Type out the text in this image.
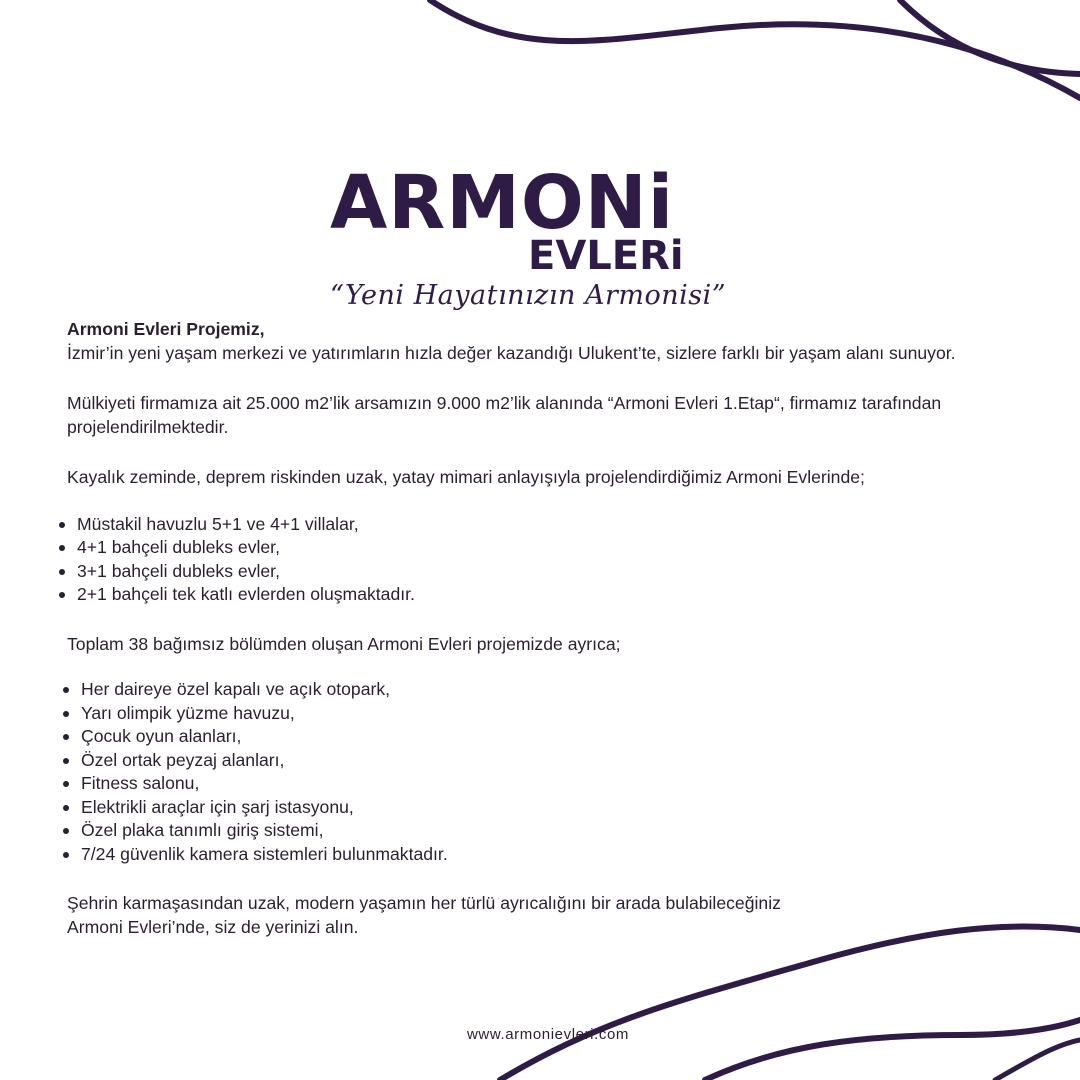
ARMONi
EVLERi
“Yeni Hayatınızın Armonisi”

Armoni Evleri Projemiz,

İzmir’in yeni yaşam merkezi ve yatırımların hızla değer kazandığı Ulukent’te, sizlere farklı bir yaşam alanı sunuyor.

Mülkiyeti firmamıza ait 25.000 m2’lik arsamızın 9.000 m2’lik alanında “Armoni Evleri 1.Etap“, firmamız tarafından projelendirilmektedir.

Kayalık zeminde, deprem riskinden uzak, yatay mimari anlayışıyla projelendirdiğimiz Armoni Evlerinde;

Müstakil havuzlu 5+1 ve 4+1 villalar,
4+1 bahçeli dubleks evler,
3+1 bahçeli dubleks evler,
2+1 bahçeli tek katlı evlerden oluşmaktadır.

Toplam 38 bağımsız bölümden oluşan Armoni Evleri projemizde ayrıca;

Her daireye özel kapalı ve açık otopark,
Yarı olimpik yüzme havuzu,
Çocuk oyun alanları,
Özel ortak peyzaj alanları,
Fitness salonu,
Elektrikli araçlar için şarj istasyonu,
Özel plaka tanımlı giriş sistemi,
7/24 güvenlik kamera sistemleri bulunmaktadır.

Şehrin karmaşasından uzak, modern yaşamın her türlü ayrıcalığını bir arada bulabileceğiniz

Armoni Evleri’nde, siz de yerinizi alın.

www.armonievleri.com
